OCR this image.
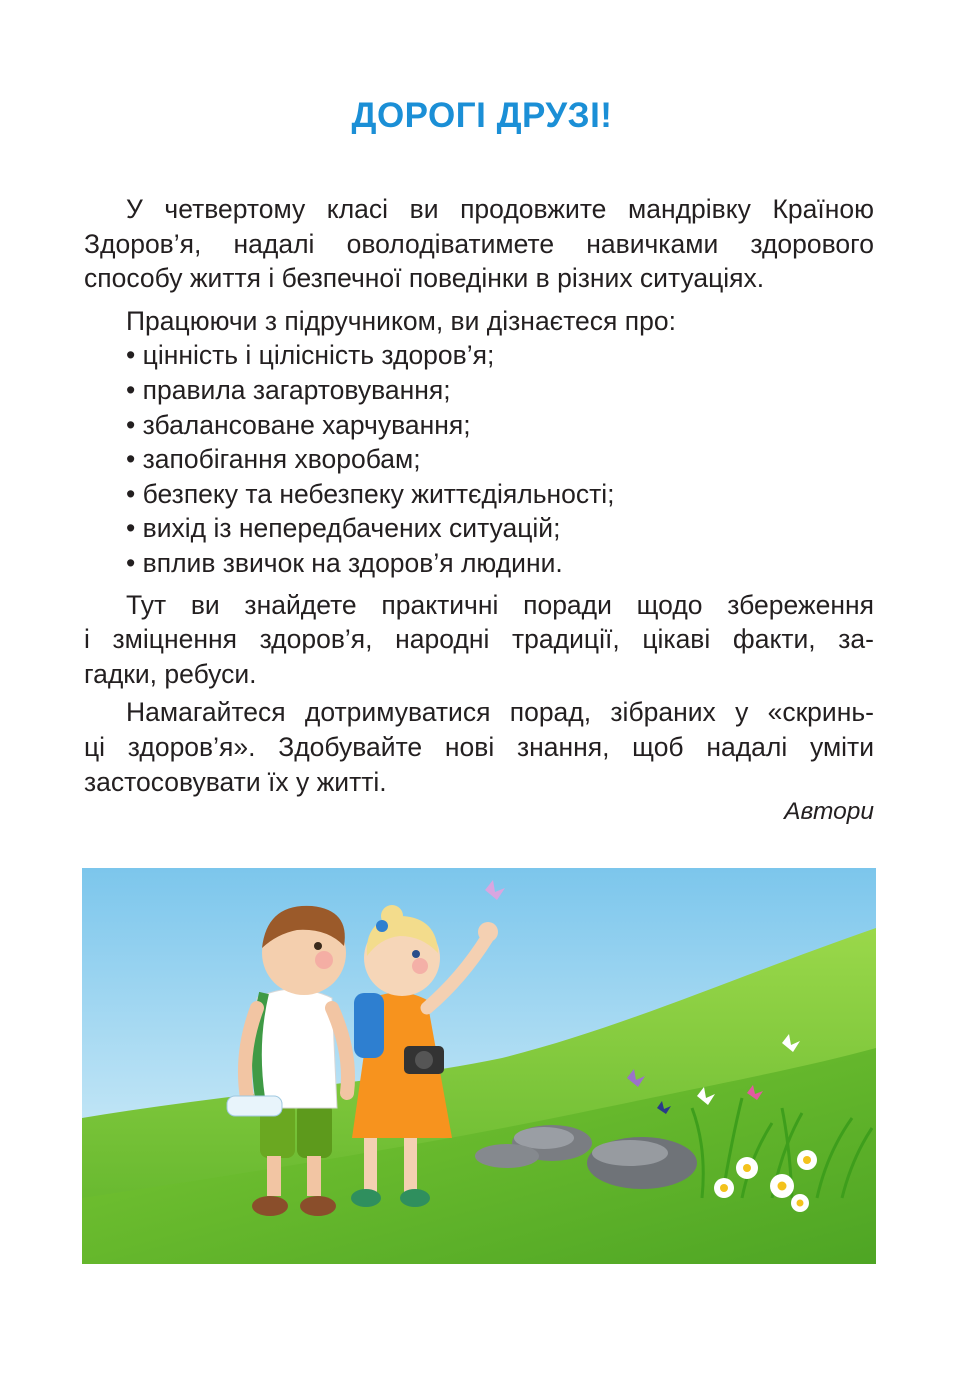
ДОРОГІ ДРУЗІ!
У четвертому класі ви продовжите мандрівку Країною
Здоров’я, надалі оволодіватимете навичками здорового
способу життя і безпечної поведінки в різних ситуаціях.
Працюючи з підручником, ви дізнаєтеся про:
• цінність і цілісність здоров’я;
• правила загартовування;
• збалансоване харчування;
• запобігання хворобам;
• безпеку та небезпеку життєдіяльності;
• вихід із непередбачених ситуацій;
• вплив звичок на здоров’я людини.
Тут ви знайдете практичні поради щодо збереження
і зміцнення здоров’я, народні традиції, цікаві факти, за-
гадки, ребуси.
Намагайтеся дотримуватися порад, зібраних у «скринь-
ці здоров’я». Здобувайте нові знання, щоб надалі уміти
застосовувати їх у житті.
Автори
